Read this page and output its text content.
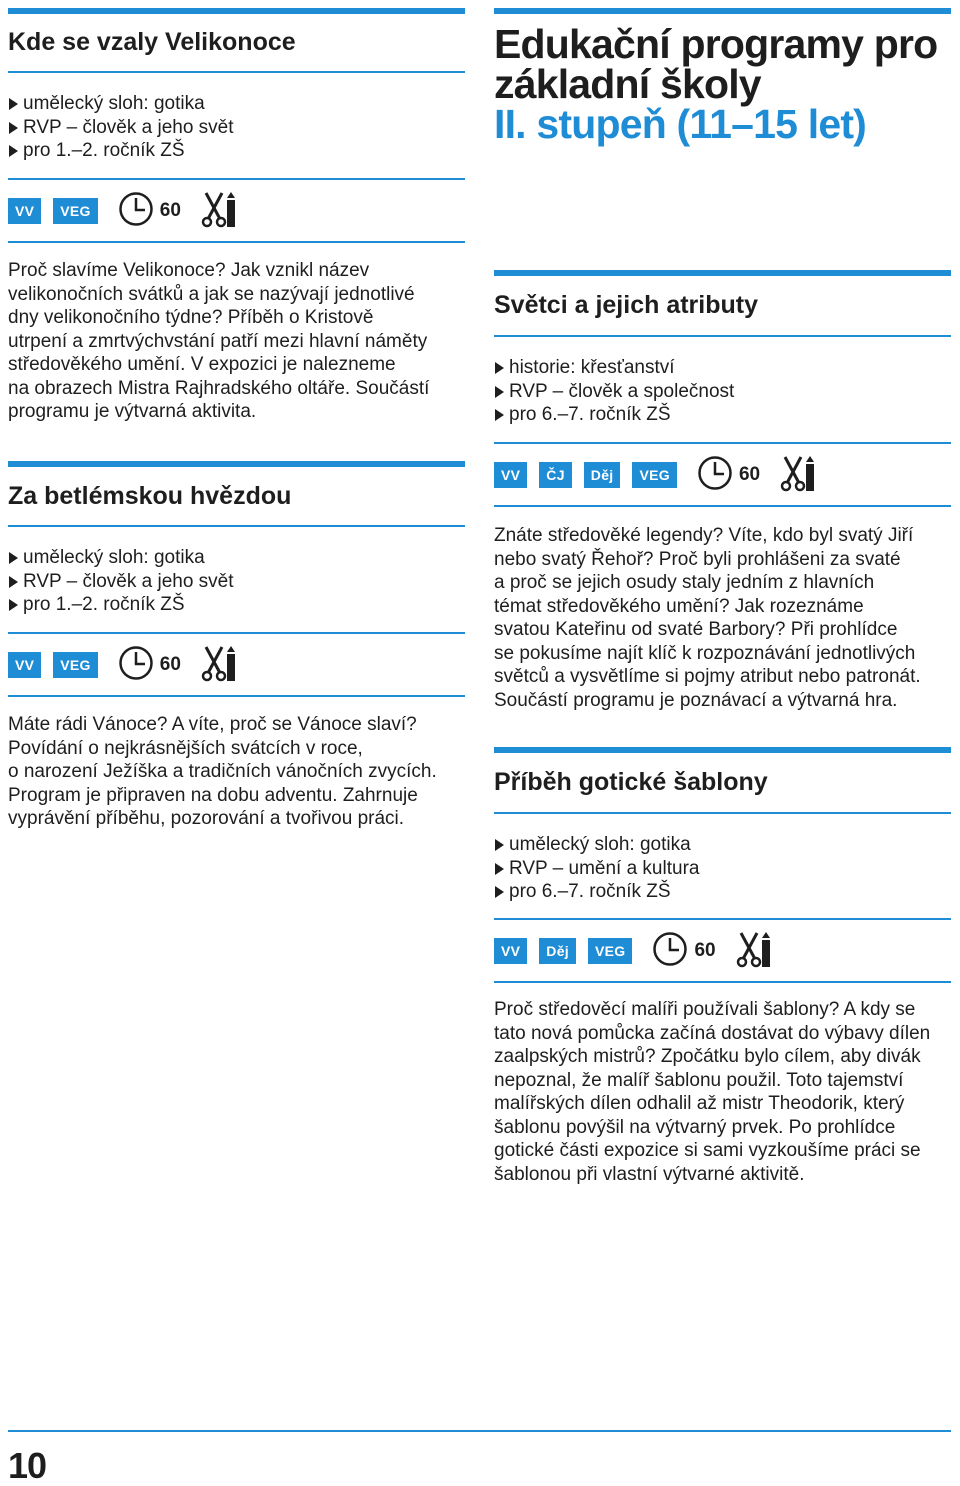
Kde se vzaly Velikonoce
umělecký sloh: gotika
RVP – člověk a jeho svět
pro 1.–2. ročník ZŠ
VV	VEG	60

Proč slavíme Velikonoce? Jak vznikl název
velikonočních svátků a jak se nazývají jednotlivé
dny velikonočního týdne? Příběh o Kristově
utrpení a zmrtvýchvstání patří mezi hlavní náměty
středověkého umění. V expozici je nalezneme
na obrazech Mistra Rajhradského oltáře. Součástí
programu je výtvarná aktivita.

Za betlémskou hvězdou
umělecký sloh: gotika
RVP – člověk a jeho svět
pro 1.–2. ročník ZŠ
VV	VEG	60

Máte rádi Vánoce? A víte, proč se Vánoce slaví?
Povídání o nejkrásnějších svátcích v roce,
o narození Ježíška a tradičních vánočních zvycích.
Program je připraven na dobu adventu. Zahrnuje
vyprávění příběhu, pozorování a tvořivou práci.

Edukační programy pro
základní školy
II. stupeň (11–15 let)
Světci a jejich atributy
historie: křesťanství
RVP – člověk a společnost
pro 6.–7. ročník ZŠ
VV	ČJ	Děj	VEG	60

Znáte středověké legendy? Víte, kdo byl svatý Jiří
nebo svatý Řehoř? Proč byli prohlášeni za svaté
a proč se jejich osudy staly jedním z hlavních
témat středověkého umění? Jak rozeznáme
svatou Kateřinu od svaté Barbory? Při prohlídce
se pokusíme najít klíč k rozpoznávání jednotlivých
světců a vysvětlíme si pojmy atribut nebo patronát.
Součástí programu je poznávací a výtvarná hra.

Příběh gotické šablony
umělecký sloh: gotika
RVP – umění a kultura
pro 6.–7. ročník ZŠ
VV	Děj	VEG	60

Proč středověcí malíři používali šablony? A kdy se
tato nová pomůcka začíná dostávat do výbavy dílen
zaalpských mistrů? Zpočátku bylo cílem, aby divák
nepoznal, že malíř šablonu použil. Toto tajemství
malířských dílen odhalil až mistr Theodorik, který
šablonu povýšil na výtvarný prvek. Po prohlídce
gotické části expozice si sami vyzkoušíme práci se
šablonou při vlastní výtvarné aktivitě.

10
